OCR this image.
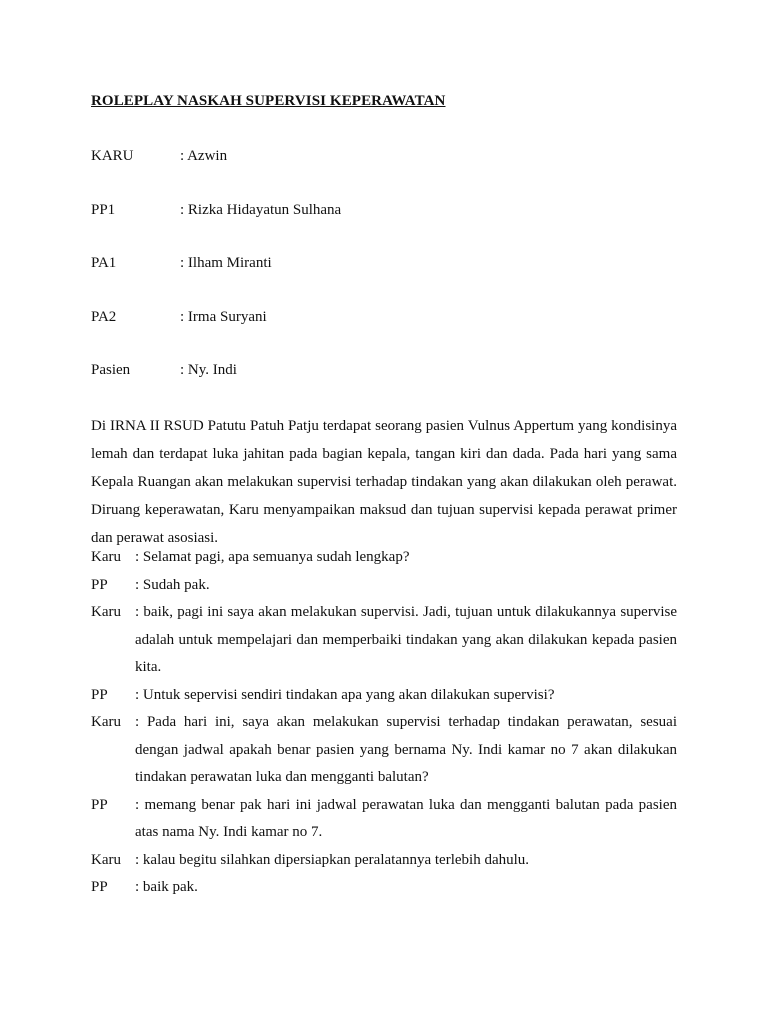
ROLEPLAY NASKAH SUPERVISI KEPERAWATAN
KARU	: Azwin
PP1	: Rizka Hidayatun Sulhana
PA1	: Ilham Miranti
PA2	: Irma Suryani
Pasien	: Ny. Indi

Di IRNA II RSUD Patutu Patuh Patju terdapat seorang pasien Vulnus Appertum yang kondisinya lemah dan terdapat luka jahitan pada bagian kepala, tangan kiri dan dada. Pada hari yang sama Kepala Ruangan akan melakukan supervisi terhadap tindakan yang akan dilakukan oleh perawat. Diruang keperawatan, Karu menyampaikan maksud dan tujuan supervisi kepada perawat primer dan perawat asosiasi.

Karu : Selamat pagi, apa semuanya sudah lengkap?
PP : Sudah pak.
Karu : baik, pagi ini saya akan melakukan supervisi. Jadi, tujuan untuk dilakukannya supervise adalah untuk mempelajari dan memperbaiki tindakan yang akan dilakukan kepada pasien kita.
PP : Untuk sepervisi sendiri tindakan apa yang akan dilakukan supervisi?
Karu : Pada hari ini, saya akan melakukan supervisi terhadap tindakan perawatan, sesuai dengan jadwal apakah benar pasien yang bernama Ny. Indi kamar no 7 akan dilakukan tindakan perawatan luka dan mengganti balutan?
PP : memang benar pak hari ini jadwal perawatan luka dan mengganti balutan pada pasien atas nama Ny. Indi kamar no 7.
Karu : kalau begitu silahkan dipersiapkan peralatannya terlebih dahulu.
PP : baik pak.
